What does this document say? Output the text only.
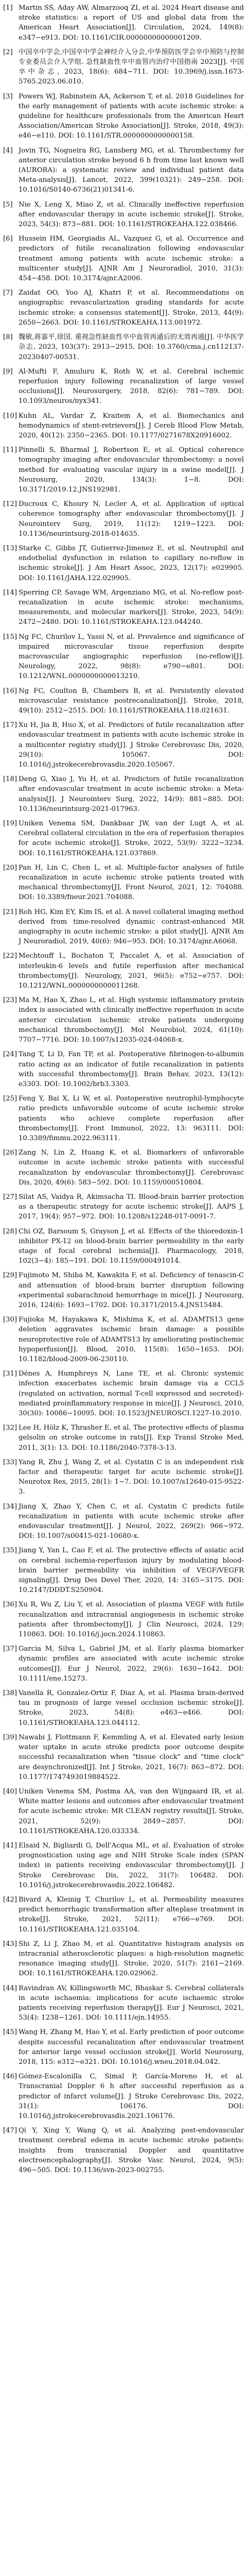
[1] Martin SS, Aday AW, Almarzooq ZI, et al. 2024 Heart disease and stroke statistics: a report of US and global data from the American Heart Association[J]. Circulation, 2024, 149(8): e347−e913. DOI: 10.1161/CIR.00000000000001209.
[2] 中国卒中学会,中国卒中学会神经介入分会,中华预防医学会卒中预防与控制专业委员会介入学组. 急性缺血性卒中血管内治疗中国指南 2023[J]. 中国卒中杂志, 2023, 18(6): 684−711. DOI: 10.3969/j.issn.1673-5765.2023.06.010.
[3] Powers WJ, Rabinstein AA, Ackerson T, et al. 2018 Guidelines for the early management of patients with acute ischemic stroke: a guideline for healthcare professionals from the American Heart Association/American Stroke Association[J]. Stroke, 2018, 49(3): e46−e110. DOI: 10.1161/STR.0000000000000158.
[4] Jovin TG, Nogueira RG, Lansberg MG, et al. Thrombectomy for anterior circulation stroke beyond 6 h from time last known well (AURORA): a systematic review and individual patient data Meta-analysis[J]. Lancet, 2022, 399(10321): 249−258. DOI: 10.1016/S0140-6736(21)01341-6.
[5] Nie X, Leng X, Miao Z, et al. Clinically ineffective reperfusion after endovascular therapy in acute ischemic stroke[J]. Stroke, 2023, 54(3): 873−881. DOI: 10.1161/STROKEAHA.122.038466.
[6] Hussein HM, Georgiadis AL, Vazquez G, et al. Occurrence and predictors of futile recanalization following endovascular treatment among patients with acute ischemic stroke: a multicenter study[J]. AJNR Am J Neuroradiol, 2010, 31(3): 454−458. DOI: 10.3174/ajnr.A2006.
[7] Zaidat OO, Yoo AJ, Khatri P, et al. Recommendations on angiographic revascularization grading standards for acute ischemic stroke: a consensus statement[J]. Stroke, 2013, 44(9): 2650−2663. DOI: 10.1161/STROKEAHA.113.001972.
[8] 魏敏,蒋嘉平,徐国. 重视急性缺血性卒中血管再通后的无效再通[J]. 中华医学杂志, 2023, 103(37): 2913−2915. DOI: 10.3760/cma.j.cn112137-20230407-00531.
[9] Al-Mufti F, Amuluru K, Roth W, et al. Cerebral ischemic reperfusion injury following recanalization of large vessel occlusions[J]. Neurosurgery, 2018, 82(6): 781−789. DOI: 10.1093/neuros/nyx341.
[10] Kuhn AL, Vardar Z, Kraitem A, et al. Biomechanics and hemodynamics of stent-retrievers[J]. J Cereb Blood Flow Metab, 2020, 40(12): 2350−2365. DOI: 10.1177/0271678X20916002.
[11] Pinnelli S, Bharmal J, Robertson E, et al. Optical coherence tomography imaging after endovascular thrombectomy: a novel method for evaluating vascular injury in a swine model[J]. J Neurosurg, 2020, 134(3): 1−8. DOI: 10.3171/2019.12.JNS192981.
[12] Ducroux C, Khoury N, Lecler A, et al. Application of optical coherence tomography after endovascular thrombectomy[J]. J Neurointerv Surg, 2019, 11(12): 1219−1223. DOI: 10.1136/neurintsurg-2018-014635.
[13] Starke C, Gibbs JT, Gutierrez-Jimenez E, et al. Neutrophil and endothelial dysfunction in relation to capillary no-reflow in ischemic stroke[J]. J Am Heart Assoc, 2023, 12(17): e029905. DOI: 10.1161/JAHA.122.029905.
[14] Sperring CP, Savage WM, Argenziano MG, et al. No-reflow post-recanalization in acute ischemic stroke: mechanisms, measurements, and molecular markers[J]. Stroke, 2023, 54(9): 2472−2480. DOI: 10.1161/STROKEAHA.123.044240.
[15] Ng FC, Churilov L, Yassi N, et al. Prevalence and significance of impaired microvascular tissue reperfusion despite macrovascular angiographic reperfusion (no-reflow)[J]. Neurology, 2022, 98(8): e790−e801. DOI: 10.1212/WNL.0000000000013210.
[16] Ng FC, Coulton B, Chambers B, et al. Persistently elevated microvascular resistance postrecanalization[J]. Stroke, 2018, 49(10): 2512−2515. DOI: 10.1161/STROKEAHA.118.021631.
[17] Xu H, Jia B, Huo X, et al. Predictors of futile recanalization after endovascular treatment in patients with acute ischemic stroke in a multicenter registry study[J]. J Stroke Cerebrovasc Dis, 2020, 29(10): 105067. DOI: 10.1016/j.jstrokecerebrovasdis.2020.105067.
[18] Deng G, Xiao J, Yu H, et al. Predictors of futile recanalization after endovascular treatment in acute ischemic stroke: a Meta-analysis[J]. J Neurointerv Surg, 2022, 14(9): 881−885. DOI: 10.1136/neurintsurg-2021-017963.
[19] Uniken Venema SM, Dankbaar JW, van der Lugt A, et al. Cerebral collateral circulation in the era of reperfusion therapies for acute ischemic stroke[J]. Stroke, 2022, 53(9): 3222−3234. DOI: 10.1161/STROKEAHA.121.037869.
[20] Pan H, Lin C, Chen L, et al. Multiple-factor analyses of futile recanalization in acute ischemic stroke patients treated with mechanical thrombectomy[J]. Front Neurol, 2021, 12: 704088. DOI: 10.3389/fneur.2021.704088.
[21] Roh HG, Kim EY, Kim IS, et al. A novel collateral imaging method derived from time-resolved dynamic contrast-enhanced MR angiography in acute ischemic stroke: a pilot study[J]. AJNR Am J Neuroradiol, 2019, 40(6): 946−953. DOI: 10.3174/ajnr.A6068.
[22] Mechtouff L, Bochaton T, Paccalet A, et al. Association of interleukin-6 levels and futile reperfusion after mechanical thrombectomy[J]. Neurology, 2021, 96(5): e752−e757. DOI: 10.1212/WNL.0000000000011268.
[23] Ma M, Hao X, Zhao L, et al. High systemic inflammatory protein index is associated with clinically ineffective reperfusion in acute anterior circulation ischemic stroke patients undergoing mechanical thrombectomy[J]. Mol Neurobiol, 2024, 61(10): 7707−7716. DOI: 10.1007/s12035-024-04068-x.
[24] Tang T, Li D, Fan TP, et al. Postoperative fibrinogen-to-albumin ratio acting as an indicator of futile recanalization in patients with successful thrombectomy[J]. Brain Behav, 2023, 13(12): e3303. DOI: 10.1002/brb3.3303.
[25] Feng Y, Bai X, Li W, et al. Postoperative neutrophil-lymphocyte ratio predicts unfavorable outcome of acute ischemic stroke patients who achieve complete reperfusion after thrombectomy[J]. Front Immunol, 2022, 13: 963111. DOI: 10.3389/fimmu.2022.963111.
[26] Zang N, Lin Z, Huang K, et al. Biomarkers of unfavorable outcome in acute ischemic stroke patients with successful recanalization by endovascular thrombectomy[J]. Cerebrovasc Dis, 2020, 49(6): 583−592. DOI: 10.1159/000510804.
[27] Silat AS, Vaidya R, Akimsacha TI. Blood-brain barrier protection as a therapeutic strategy for acute ischemic stroke[J]. AAPS J, 2017, 19(4): 957−972. DOI: 10.1208/s12248-017-0091-7.
[28] Chi OZ, Barsoum S, Grayson J, et al. Effects of the thioredoxin-1 inhibitor PX-12 on blood-brain barrier permeability in the early stage of focal cerebral ischemia[J]. Pharmacology, 2018, 102(3−4): 185−191. DOI: 10.1159/000491014.
[29] Fujimoto M, Shiba M, Kawakita F, et al. Deficiency of tenascin-C and attenuation of blood-brain barrier disruption following experimental subarachnoid hemorrhage in mice[J]. J Neurosurg, 2016, 124(6): 1693−1702. DOI: 10.3171/2015.4.JNS15484.
[30] Fujioka M, Hayakawa K, Mishima K, et al. ADAMTS13 gene deletion aggravates ischemic brain damage: a possible neuroprotective role of ADAMTS13 by ameliorating postischemic hypoperfusion[J]. Blood, 2010, 115(8): 1650−1653. DOI: 10.1182/blood-2009-06-230110.
[31] Dénes A, Humphreys N, Lane TE, et al. Chronic systemic infection exacerbates ischemic brain damage via a CCL5 (regulated on activation, normal T-cell expressed and secreted)-mediated proinflammatory response in mice[J]. J Neurosci, 2010, 30(30): 10086−10095. DOI: 10.1523/JNEUROSCI.1227-10.2010.
[32] Lee H, Hölz K, Thrasher E, et al. The protective effects of plasma gelsolin on stroke outcome in rats[J]. Exp Transl Stroke Med, 2011, 3(1): 13. DOI: 10.1186/2040-7378-3-13.
[33] Yang R, Zhu J, Wang Z, et al. Cystatin C is an independent risk factor and therapeutic target for acute ischemic stroke[J]. Neurotox Res, 2015, 28(1): 1−7. DOI: 10.1007/s12640-015-9522-3.
[34] Jiang X, Zhao Y, Chen C, et al. Cystatin C predicts futile recanalization in patients with acute ischemic stroke after endovascular treatment[J]. J Neurol, 2022, 269(2): 966−972. DOI: 10.1007/s00415-021-10680-x.
[35] Jiang Y, Yan L, Cao F, et al. The protective effects of asiatic acid on cerebral ischemia-reperfusion injury by modulating blood-brain barrier permeability via inhibition of VEGF/VEGFR signaling[J]. Drug Des Devel Ther, 2020, 14: 3165−3175. DOI: 10.2147/DDDT.S250904.
[36] Xu R, Wu Z, Liu Y, et al. Association of plasma VEGF with futile recanalization and intracranial angiogenesis in ischemic stroke patients after thrombectomy[J]. J Clin Neurosci, 2024, 129: 110863. DOI: 10.1016/j.jocn.2024.110863.
[37] Garcia M, Silva L, Gabriel JM, et al. Early plasma biomarker dynamic profiles are associated with acute ischemic stroke outcomes[J]. Eur J Neurol, 2022, 29(6): 1630−1642. DOI: 10.1111/ene.15273.
[38] Vanella R, Gonzalez-Ortiz F, Diaz A, et al. Plasma brain-derived tau in prognosis of large vessel occlusion ischemic stroke[J]. Stroke, 2023, 54(8): e463−e466. DOI: 10.1161/STROKEAHA.123.044112.
[39] Nawabi J, Flottmann F, Kemmling A, et al. Elevated early lesion water uptake in acute stroke predicts poor outcome despite successful recanalization when "tissue clock" and "time clock" are desynchronized[J]. Int J Stroke, 2021, 16(7): 863−872. DOI: 10.1177/1747493019884522.
[40] Uniken Venema SM, Postma AA, van den Wijngaard IR, et al. White matter lesions and outcomes after endovascular treatment for acute ischemic stroke: MR CLEAN registry results[J]. Stroke, 2021, 52(9): 2849−2857. DOI: 10.1161/STROKEAHA.120.033334.
[41] Elsaid N, Bigliardi G, Dell'Acqua ML, et al. Evaluation of stroke prognostication using age and NIH Stroke Scale index (SPAN index) in patients receiving endovascular thrombectomy[J]. J Stroke Cerebrovasc Dis, 2022, 31(7): 106482. DOI: 10.1016/j.jstrokecerebrovasdis.2022.106482.
[42] Bivard A, Kleinig T, Churilov L, et al. Permeability measures predict hemorrhagic transformation after alteplase treatment in stroke[J]. Stroke, 2021, 52(11): e766−e769. DOI: 10.1161/STROKEAHA.121.035104.
[43] Shi Z, Li J, Zhao M, et al. Quantitative histogram analysis on intracranial atherosclerotic plaques: a high-resolution magnetic resonance imaging study[J]. Stroke, 2020, 51(7): 2161−2169. DOI: 10.1161/STROKEAHA.120.029062.
[44] Ravindran AV, Killingsworth MC, Bhaskar S. Cerebral collaterals in acute ischaemia: implications for acute ischaemic stroke patients receiving reperfusion therapy[J]. Eur J Neurosci, 2021, 53(4): 1238−1261. DOI: 10.1111/ejn.14955.
[45] Wang H, Zhang M, Hao Y, et al. Early prediction of poor outcome despite successful recanalization after endovascular treatment for anterior large vessel occlusion stroke[J]. World Neurosurg, 2018, 115: e312−e321. DOI: 10.1016/j.wneu.2018.04.042.
[46] Gómez-Escalonilla C, Simal P, García-Moreno H, et al. Transcranial Doppler 6 h after successful reperfusion as a predictor of infarct volume[J]. J Stroke Cerebrovasc Dis, 2022, 31(1): 106176. DOI: 10.1016/j.jstrokecerebrovasdis.2021.106176.
[47] Qi Y, Xing Y, Wang Q, et al. Analyzing post-endovascular treatment cerebral edema in acute ischemic stroke patients: insights from transcranial Doppler and quantitative electroencephalography[J]. Stroke Vasc Neurol, 2024, 9(5): 496−505. DOI: 10.1136/svn-2023-002755.
